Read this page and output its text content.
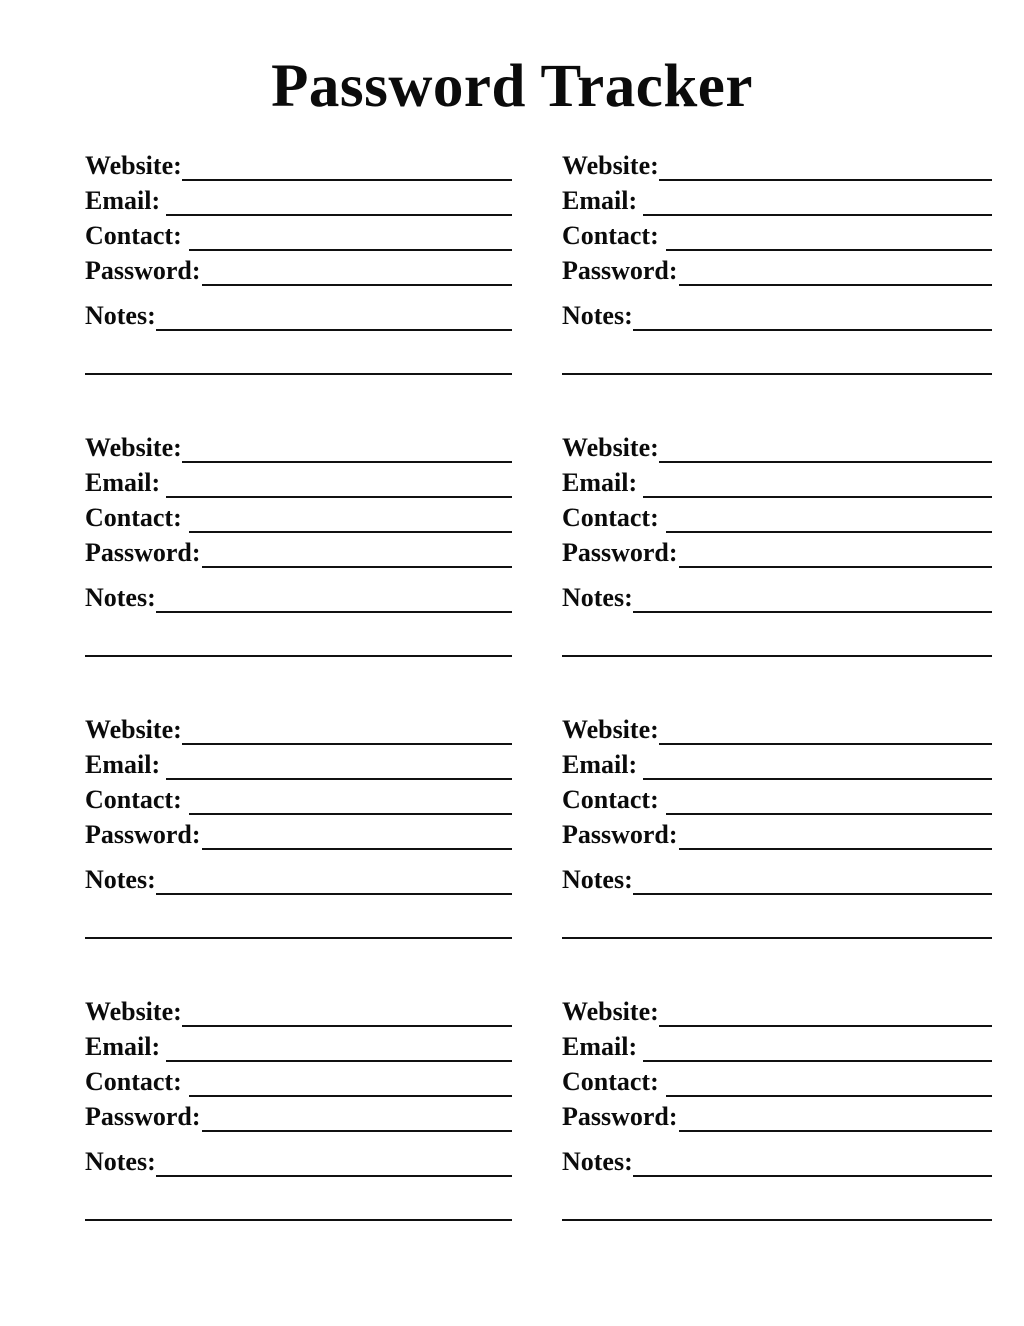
Password Tracker
Website:
Email:
Contact:
Password:
Notes:
Website:
Email:
Contact:
Password:
Notes:
Website:
Email:
Contact:
Password:
Notes:
Website:
Email:
Contact:
Password:
Notes:
Website:
Email:
Contact:
Password:
Notes:
Website:
Email:
Contact:
Password:
Notes:
Website:
Email:
Contact:
Password:
Notes:
Website:
Email:
Contact:
Password:
Notes:
